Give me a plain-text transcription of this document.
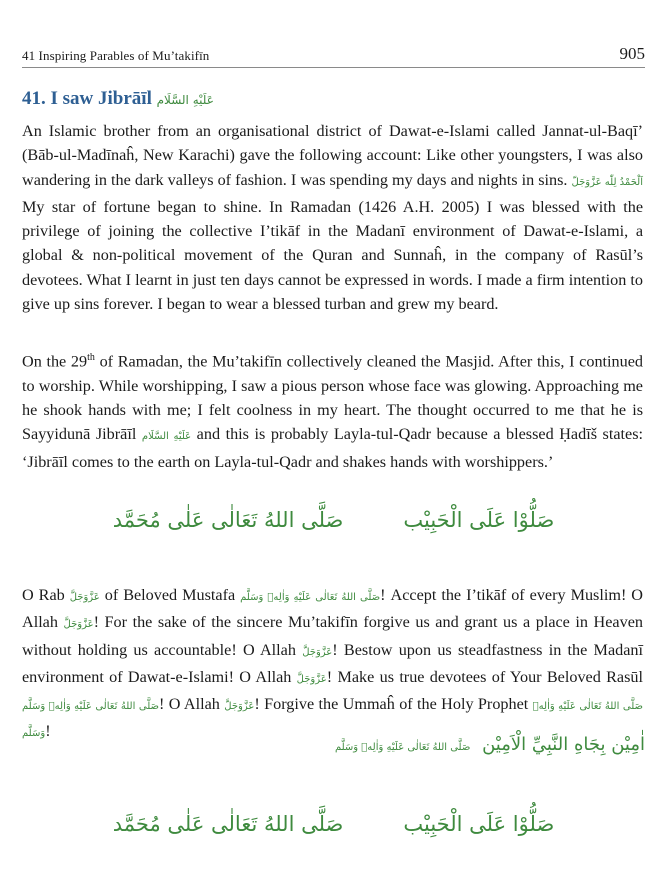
41 Inspiring Parables of Mu’takifīn	905
41. I saw Jibrāīl عَلَيْهِ السَّلَام

An Islamic brother from an organisational district of Dawat-e-Islami called Jannat-ul-Baqī’ (Bāb-ul-Madīnaĥ, New Karachi) gave the following account: Like other youngsters, I was also wandering in the dark valleys of fashion. I was spending my days and nights in sins. اَلْحَمْدُ لِلّٰه عَزَّوَجَلّ My star of fortune began to shine. In Ramadan (1426 A.H. 2005) I was blessed with the privilege of joining the collective I’tikāf in the Madanī environment of Dawat-e-Islami, a global & non-political movement of the Quran and Sunnaĥ, in the company of Rasūl’s devotees. What I learnt in just ten days cannot be expressed in words. I made a firm intention to give up sins forever. I began to wear a blessed turban and grew my beard.

On the 29th of Ramadan, the Mu’takifīn collectively cleaned the Masjid. After this, I continued to worship. While worshipping, I saw a pious person whose face was glowing. Approaching me he shook hands with me; I felt coolness in my heart. The thought occurred to me that he is Sayyidunā Jibrāīl عَلَيْهِ السَّلَام and this is probably Layla-tul-Qadr because a blessed Ḥadīš states: ‘Jibrāīl comes to the earth on Layla-tul-Qadr and shakes hands with worshippers.’

صَلُّوْا عَلَى الْحَبِيْب
صَلَّى اللهُ تَعَالٰى عَلٰى مُحَمَّد

O Rab عَزَّوَجَلَّ of Beloved Mustafa صَلَّى اللهُ تَعَالٰى عَلَيْهِ وَاٰلِهٖ وَسَلَّم! Accept the I’tikāf of every Muslim! O Allah عَزَّوَجَلَّ! For the sake of the sincere Mu’takifīn forgive us and grant us a place in Heaven without holding us accountable! O Allah عَزَّوَجَلَّ! Bestow upon us steadfastness in the Madanī environment of Dawat-e-Islami! O Allah عَزَّوَجَلَّ! Make us true devotees of Your Beloved Rasūl صَلَّى اللهُ تَعَالٰى عَلَيْهِ وَاٰلِهٖ وَسَلَّم! O Allah عَزَّوَجَلَّ! Forgive the Ummaĥ of the Holy Prophet صَلَّى اللهُ تَعَالٰى عَلَيْهِ وَاٰلِهٖ وَسَلَّم!

اٰمِيْن بِجَاهِ النَّبِيِّ الْاَمِيْن صَلَّى اللهُ تَعَالٰى عَلَيْهِ وَاٰلِهٖ وَسَلَّم
صَلُّوْا عَلَى الْحَبِيْب
صَلَّى اللهُ تَعَالٰى عَلٰى مُحَمَّد
